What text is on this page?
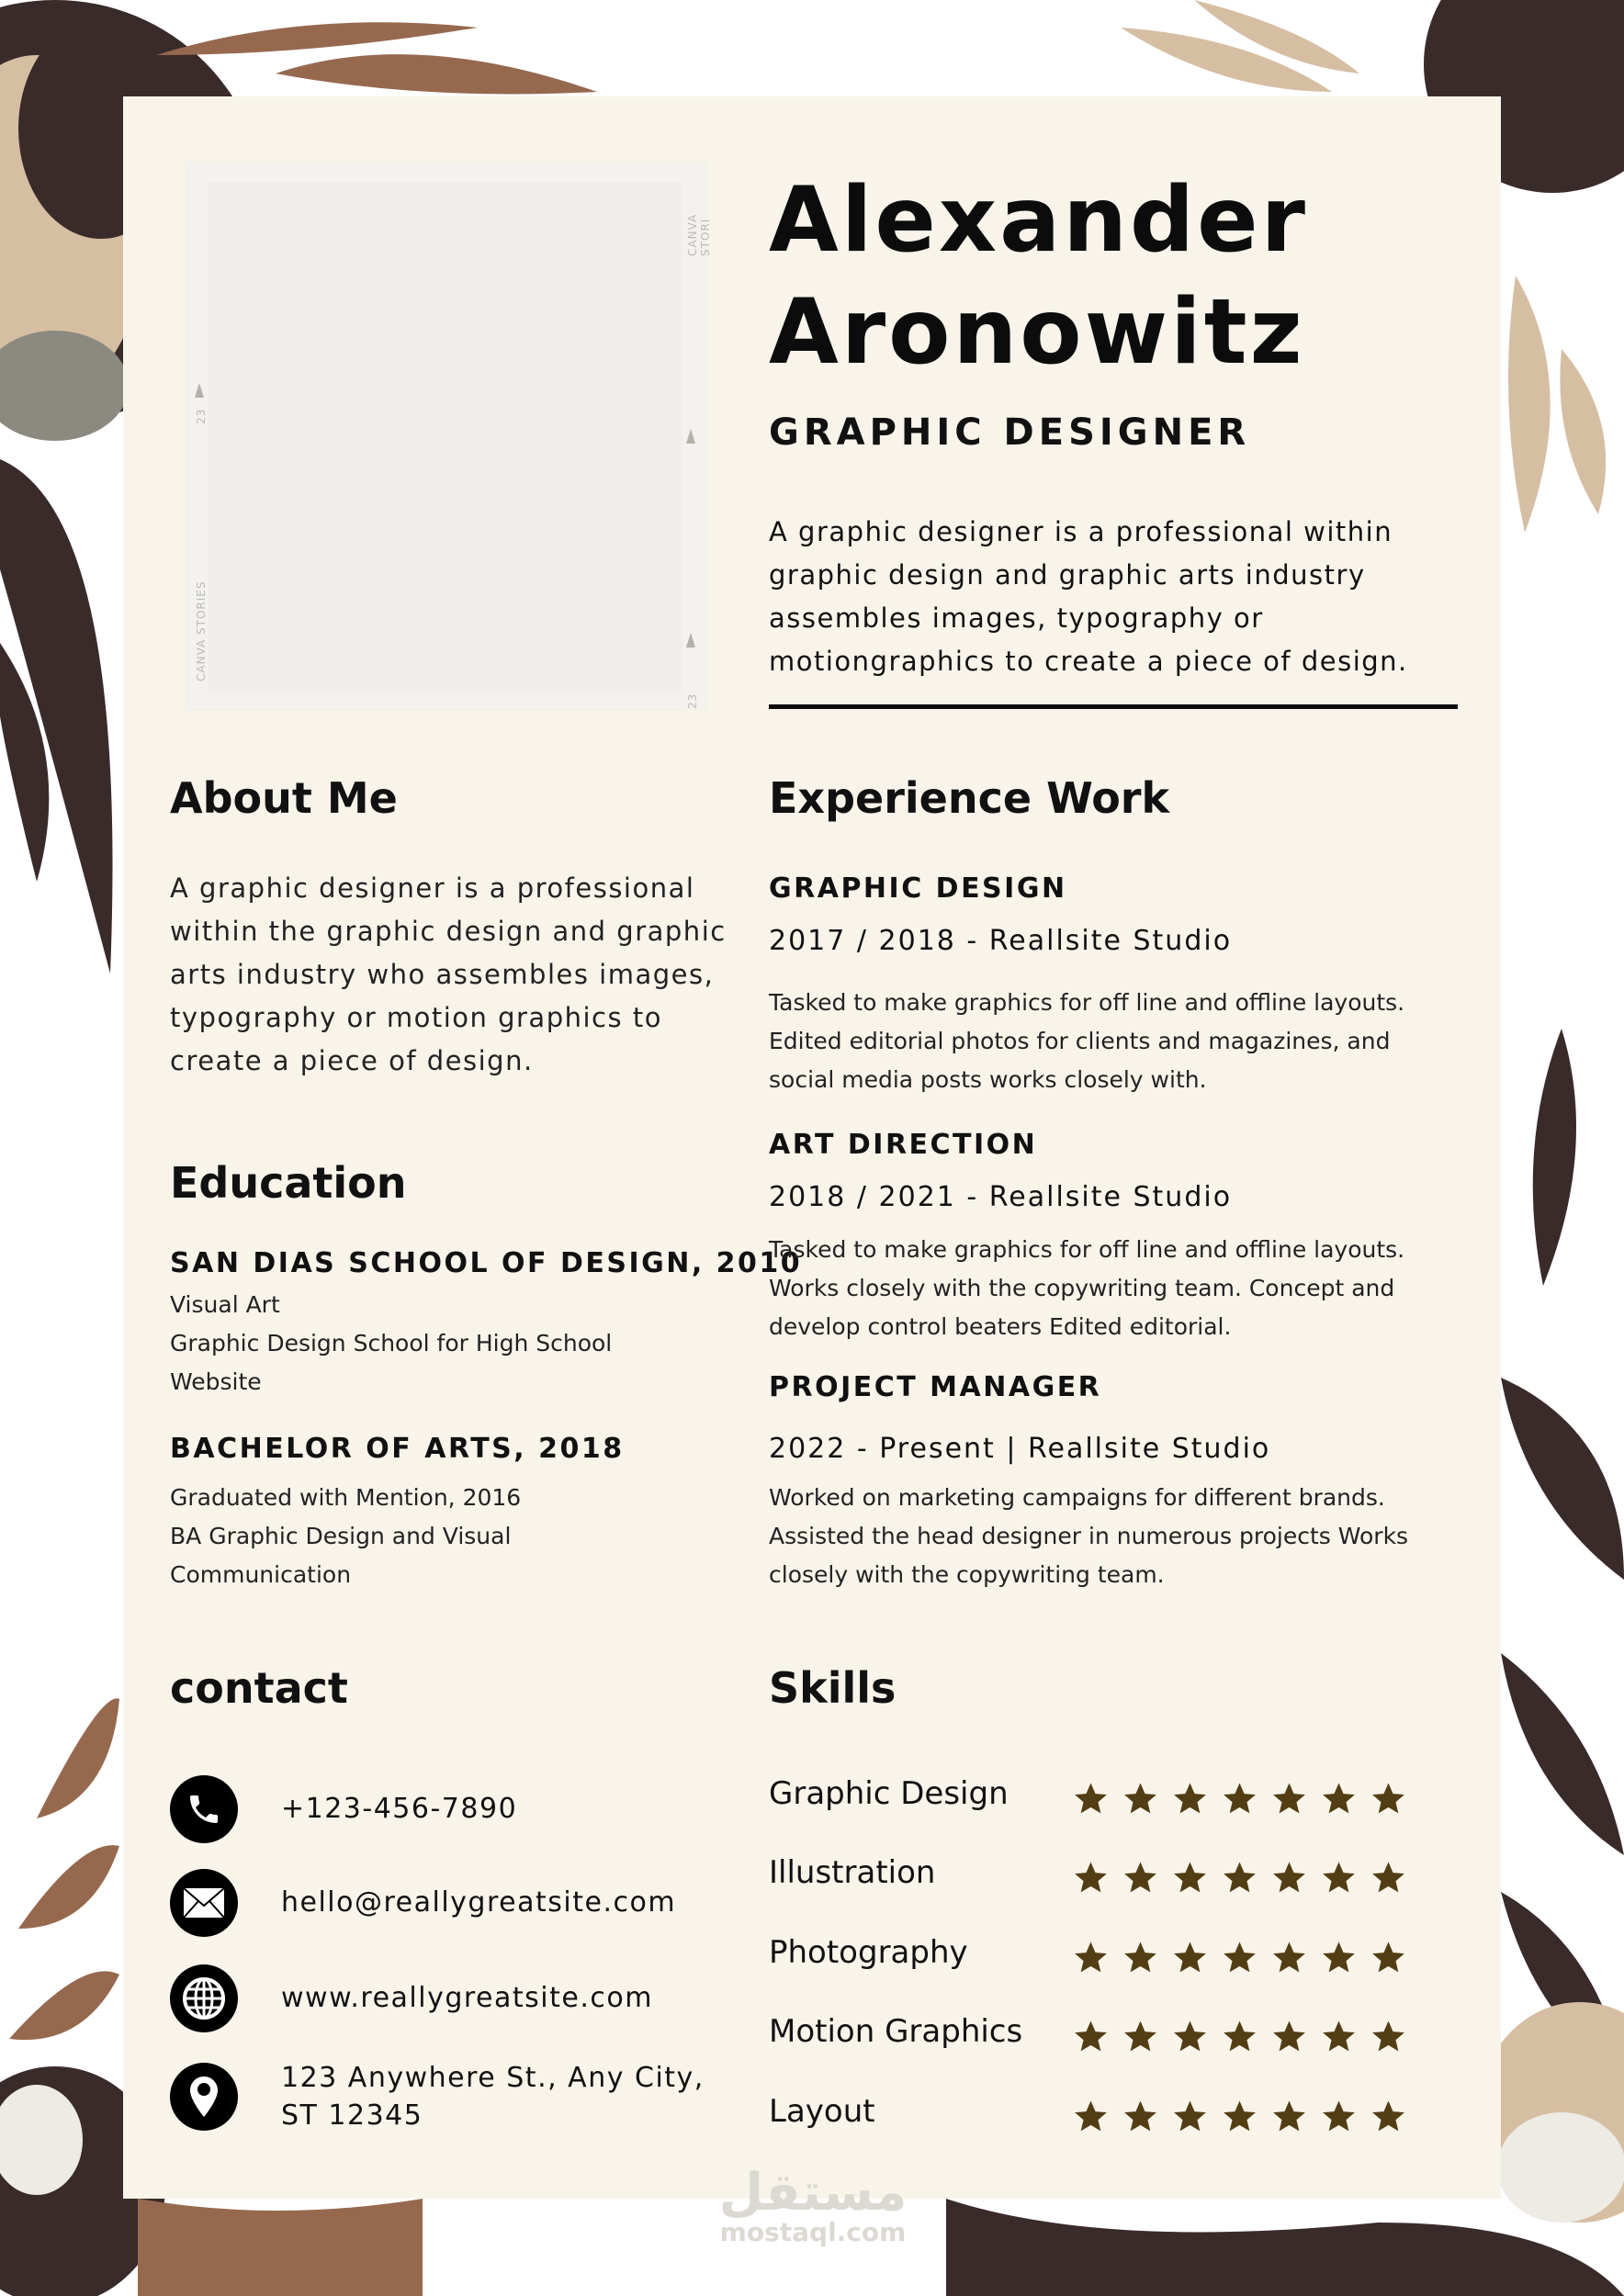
CANVA STORIES
23
CANVA STORI
23
Alexander
Aronowitz
GRAPHIC DESIGNER
A graphic designer is a professional within
graphic design and graphic arts industry
assembles images, typography or
motiongraphics to create a piece of design.
About Me
A graphic designer is a professional
within the graphic design and graphic
arts industry who assembles images,
typography or motion graphics to
create a piece of design.
Education
SAN DIAS SCHOOL OF DESIGN, 2010
Visual Art
Graphic Design School for High School
Website
BACHELOR OF ARTS, 2018
Graduated with Mention, 2016
BA Graphic Design and Visual
Communication
contact
+123-456-7890
hello@reallygreatsite.com
www.reallygreatsite.com
123 Anywhere St., Any City,
ST 12345
Experience Work
GRAPHIC DESIGN
2017 / 2018 - Reallsite Studio
Tasked to make graphics for off line and offline layouts.
Edited editorial photos for clients and magazines, and
social media posts works closely with.
ART DIRECTION
2018 / 2021 - Reallsite Studio
Tasked to make graphics for off line and offline layouts.
Works closely with the copywriting team. Concept and
develop control beaters Edited editorial.
PROJECT MANAGER
2022 - Present | Reallsite Studio
Worked on marketing campaigns for different brands.
Assisted the head designer in numerous projects Works
closely with the copywriting team.
Skills
Graphic Design
Illustration
Photography
Motion Graphics
Layout
مستقل
mostaql.com
